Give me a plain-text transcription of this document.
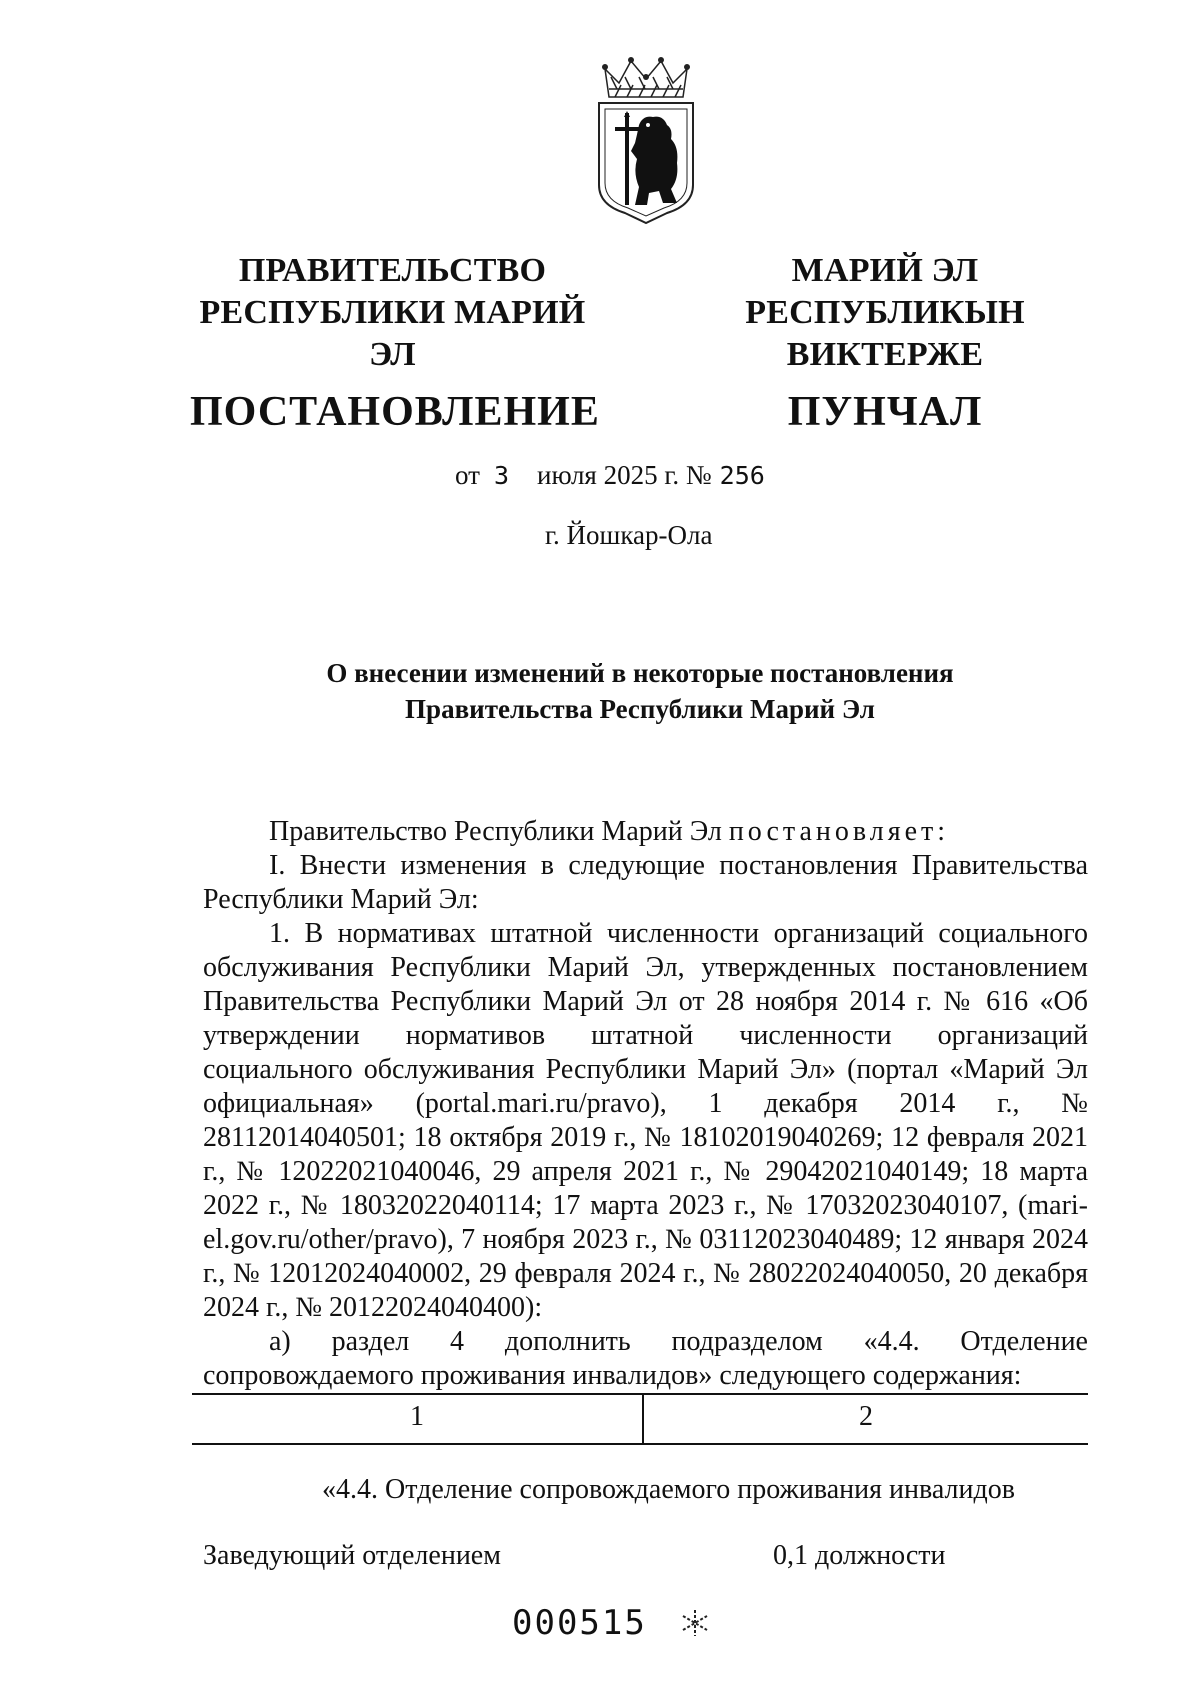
ПРАВИТЕЛЬСТВО
РЕСПУБЛИКИ МАРИЙ ЭЛ
ПОСТАНОВЛЕНИЕ
МАРИЙ ЭЛ РЕСПУБЛИКЫН
ВИКТЕРЖЕ
ПУНЧАЛ
от 3 июля 2025 г. № 256
г. Йошкар-Ола
О внесении изменений в некоторые постановления
Правительства Республики Марий Эл

Правительство Республики Марий Эл постановляет:

I. Внести изменения в следующие постановления Правительства Республики Марий Эл:

1. В нормативах штатной численности организаций социального обслуживания Республики Марий Эл, утвержденных постановлением Правительства Республики Марий Эл от 28 ноября 2014 г. № 616 «Об утверждении нормативов штатной численности организаций социального обслуживания Республики Марий Эл» (портал «Марий Эл официальная» (portal.mari.ru/pravo), 1 декабря 2014 г., № 28112014040501; 18 октября 2019 г., № 18102019040269; 12 февраля 2021 г., № 12022021040046, 29 апреля 2021 г., № 29042021040149; 18 марта 2022 г., № 18032022040114; 17 марта 2023 г., № 17032023040107, (mari-el.gov.ru/other/pravo), 7 ноября 2023 г., № 03112023040489; 12 января 2024 г., № 12012024040002, 29 февраля 2024 г., № 28022024040050, 20 декабря 2024 г., № 20122024040400):

а) раздел 4 дополнить подразделом «4.4. Отделение сопровождаемого проживания инвалидов» следующего содержания:

1	2
«4.4. Отделение сопровождаемого проживания инвалидов
Заведующий отделением	0,1 должности
000515
